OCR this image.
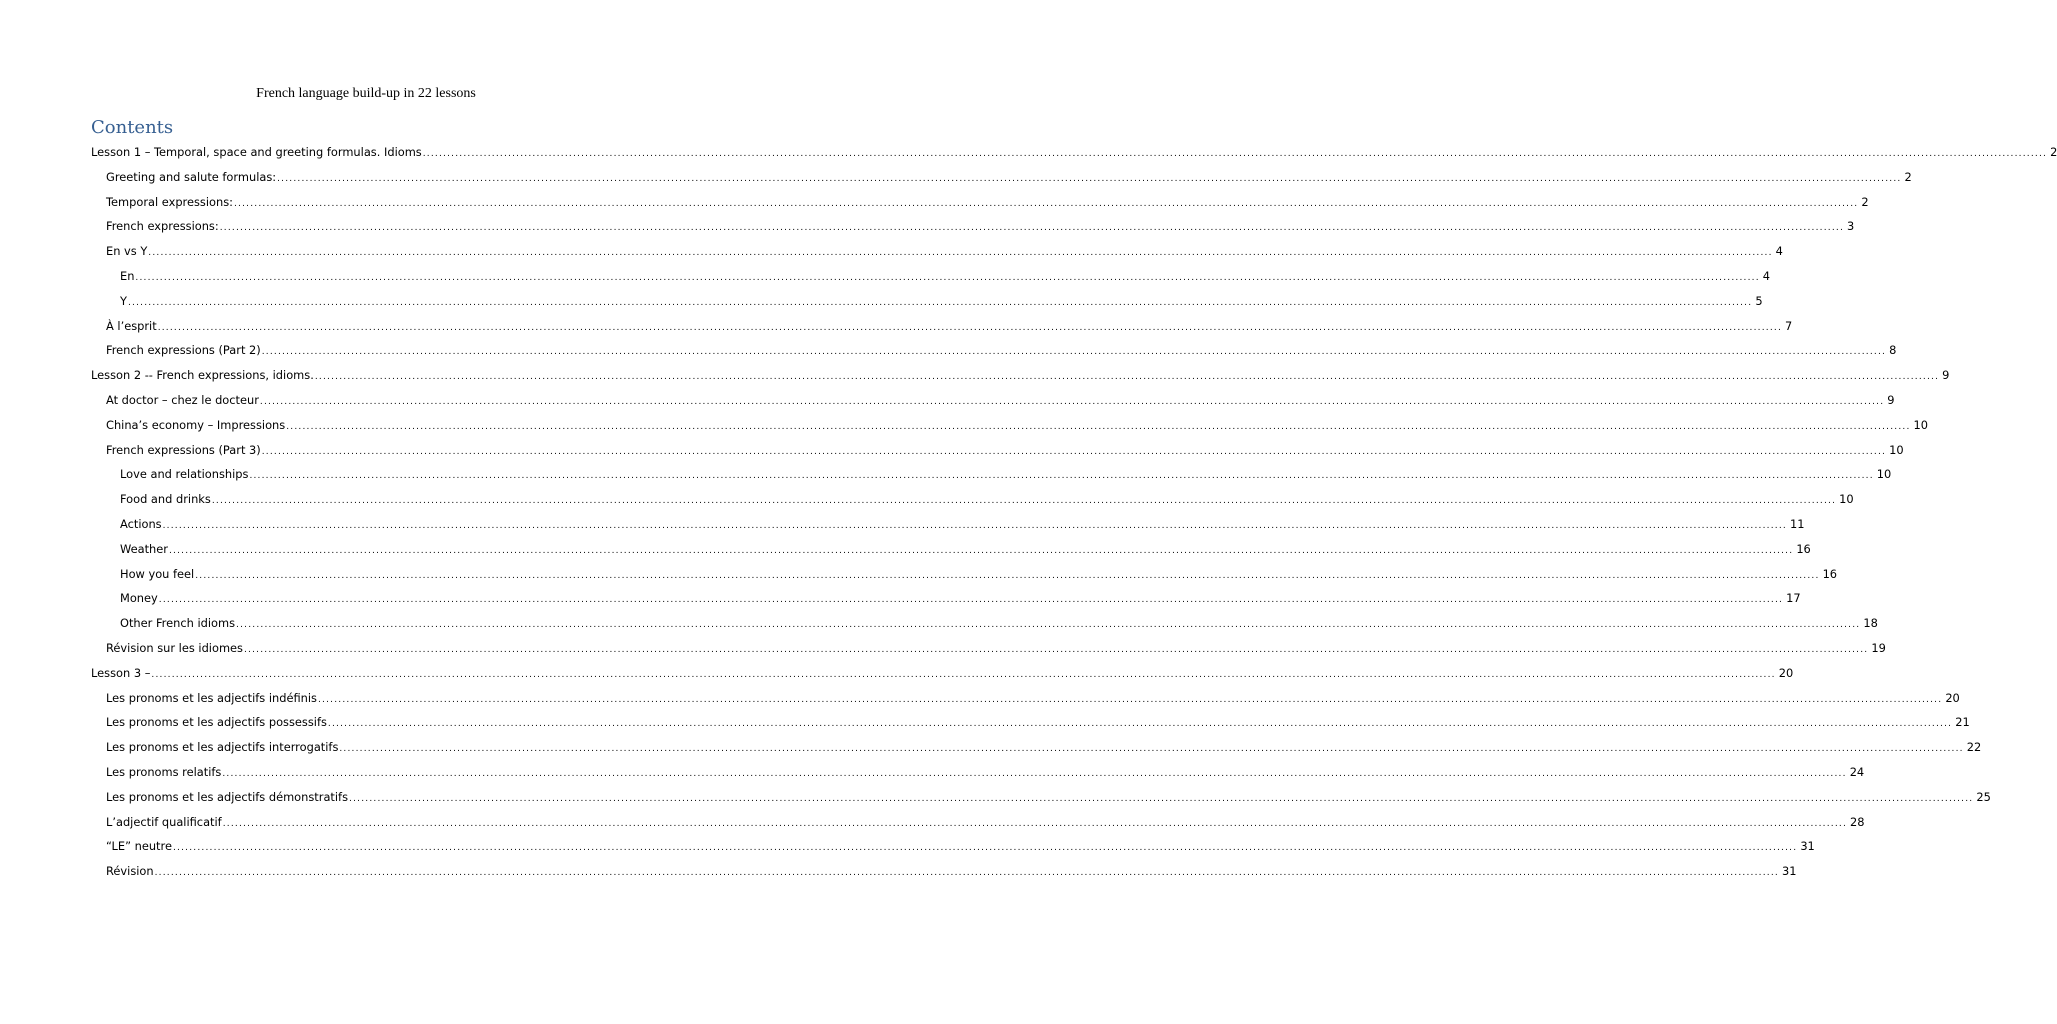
French language build-up in 22 lessons
Contents
Lesson 1 – Temporal, space and greeting formulas. Idioms ................................................................................................................................................................................................................................................................................................................................................................................................................ 2
Greeting and salute formulas: ................................................................................................................................................................................................................................................................................................................................................................................................................ 2
Temporal expressions: ................................................................................................................................................................................................................................................................................................................................................................................................................ 2
French expressions: ................................................................................................................................................................................................................................................................................................................................................................................................................ 3
En vs Y ................................................................................................................................................................................................................................................................................................................................................................................................................ 4
En ................................................................................................................................................................................................................................................................................................................................................................................................................ 4
Y ................................................................................................................................................................................................................................................................................................................................................................................................................ 5
À l’esprit ................................................................................................................................................................................................................................................................................................................................................................................................................ 7
French expressions (Part 2) ................................................................................................................................................................................................................................................................................................................................................................................................................ 8
Lesson 2 -- French expressions, idioms. ................................................................................................................................................................................................................................................................................................................................................................................................................ 9
At doctor – chez le docteur ................................................................................................................................................................................................................................................................................................................................................................................................................ 9
China’s economy – Impressions ................................................................................................................................................................................................................................................................................................................................................................................................................ 10
French expressions (Part 3) ................................................................................................................................................................................................................................................................................................................................................................................................................ 10
Love and relationships ................................................................................................................................................................................................................................................................................................................................................................................................................ 10
Food and drinks ................................................................................................................................................................................................................................................................................................................................................................................................................ 10
Actions ................................................................................................................................................................................................................................................................................................................................................................................................................ 11
Weather ................................................................................................................................................................................................................................................................................................................................................................................................................ 16
How you feel ................................................................................................................................................................................................................................................................................................................................................................................................................ 16
Money ................................................................................................................................................................................................................................................................................................................................................................................................................ 17
Other French idioms ................................................................................................................................................................................................................................................................................................................................................................................................................ 18
Révision sur les idiomes ................................................................................................................................................................................................................................................................................................................................................................................................................ 19
Lesson 3 – ................................................................................................................................................................................................................................................................................................................................................................................................................ 20
Les pronoms et les adjectifs indéfinis ................................................................................................................................................................................................................................................................................................................................................................................................................ 20
Les pronoms et les adjectifs possessifs ................................................................................................................................................................................................................................................................................................................................................................................................................ 21
Les pronoms et les adjectifs interrogatifs ................................................................................................................................................................................................................................................................................................................................................................................................................ 22
Les pronoms relatifs ................................................................................................................................................................................................................................................................................................................................................................................................................ 24
Les pronoms et les adjectifs démonstratifs ................................................................................................................................................................................................................................................................................................................................................................................................................ 25
L’adjectif qualificatif ................................................................................................................................................................................................................................................................................................................................................................................................................ 28
“LE” neutre ................................................................................................................................................................................................................................................................................................................................................................................................................ 31
Révision ................................................................................................................................................................................................................................................................................................................................................................................................................ 31
